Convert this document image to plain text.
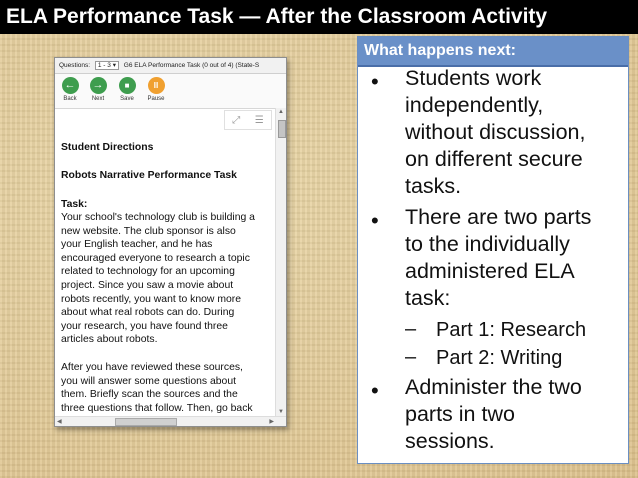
ELA Performance Task — After the Classroom Activity
Questions: 1 - 3 ▾ G6 ELA Performance Task (0 out of 4) (State-S
←
Back
→
Next
■
Save
II
Pause
⤢ ☰
Student Directions
Robots Narrative Performance Task
Task:
Your school's technology club is building a
new website. The club sponsor is also
your English teacher, and he has
encouraged everyone to research a topic
related to technology for an upcoming
project. Since you saw a movie about
robots recently, you want to know more
about what real robots can do. During
your research, you have found three
articles about robots.
After you have reviewed these sources,
you will answer some questions about
them. Briefly scan the sources and the
three questions that follow. Then, go back
▲
▼
◀	▶
What happens next:
• Students work
independently,
without discussion,
on different secure
tasks.
• There are two parts
to the individually
administered ELA
task:
– Part 1: Research
– Part 2: Writing
• Administer the two
parts in two
sessions.
